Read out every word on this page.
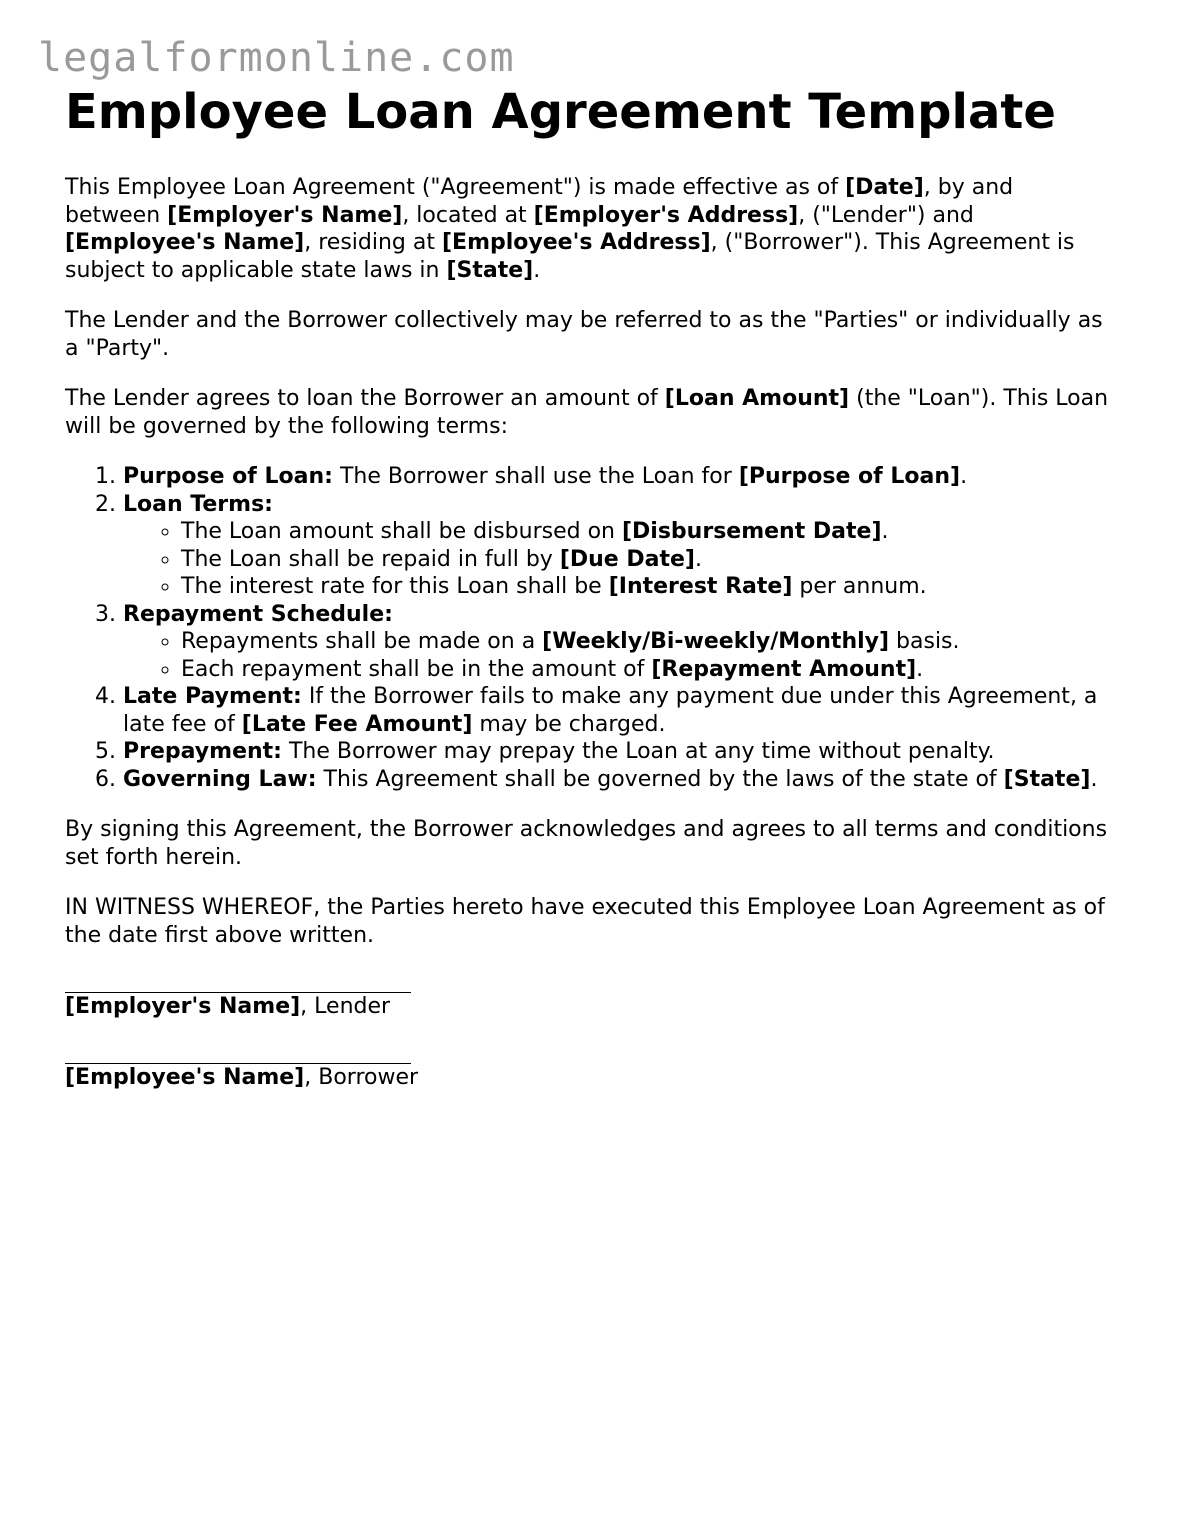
legalformonline.com
Employee Loan Agreement Template

This Employee Loan Agreement ("Agreement") is made effective as of [Date], by and between [Employer's Name], located at [Employer's Address], ("Lender") and [Employee's Name], residing at [Employee's Address], ("Borrower"). This Agreement is subject to applicable state laws in [State].

The Lender and the Borrower collectively may be referred to as the "Parties" or individually as a "Party".

The Lender agrees to loan the Borrower an amount of [Loan Amount] (the "Loan"). This Loan will be governed by the following terms:

1. Purpose of Loan: The Borrower shall use the Loan for [Purpose of Loan].
2. Loan Terms:
◦ The Loan amount shall be disbursed on [Disbursement Date].
◦ The Loan shall be repaid in full by [Due Date].
◦ The interest rate for this Loan shall be [Interest Rate] per annum.
3. Repayment Schedule:
◦ Repayments shall be made on a [Weekly/Bi-weekly/Monthly] basis.
◦ Each repayment shall be in the amount of [Repayment Amount].
4. Late Payment: If the Borrower fails to make any payment due under this Agreement, a late fee of [Late Fee Amount] may be charged.
5. Prepayment: The Borrower may prepay the Loan at any time without penalty.
6. Governing Law: This Agreement shall be governed by the laws of the state of [State].

By signing this Agreement, the Borrower acknowledges and agrees to all terms and conditions set forth herein.

IN WITNESS WHEREOF, the Parties hereto have executed this Employee Loan Agreement as of the date first above written.

[Employer's Name], Lender
[Employee's Name], Borrower
